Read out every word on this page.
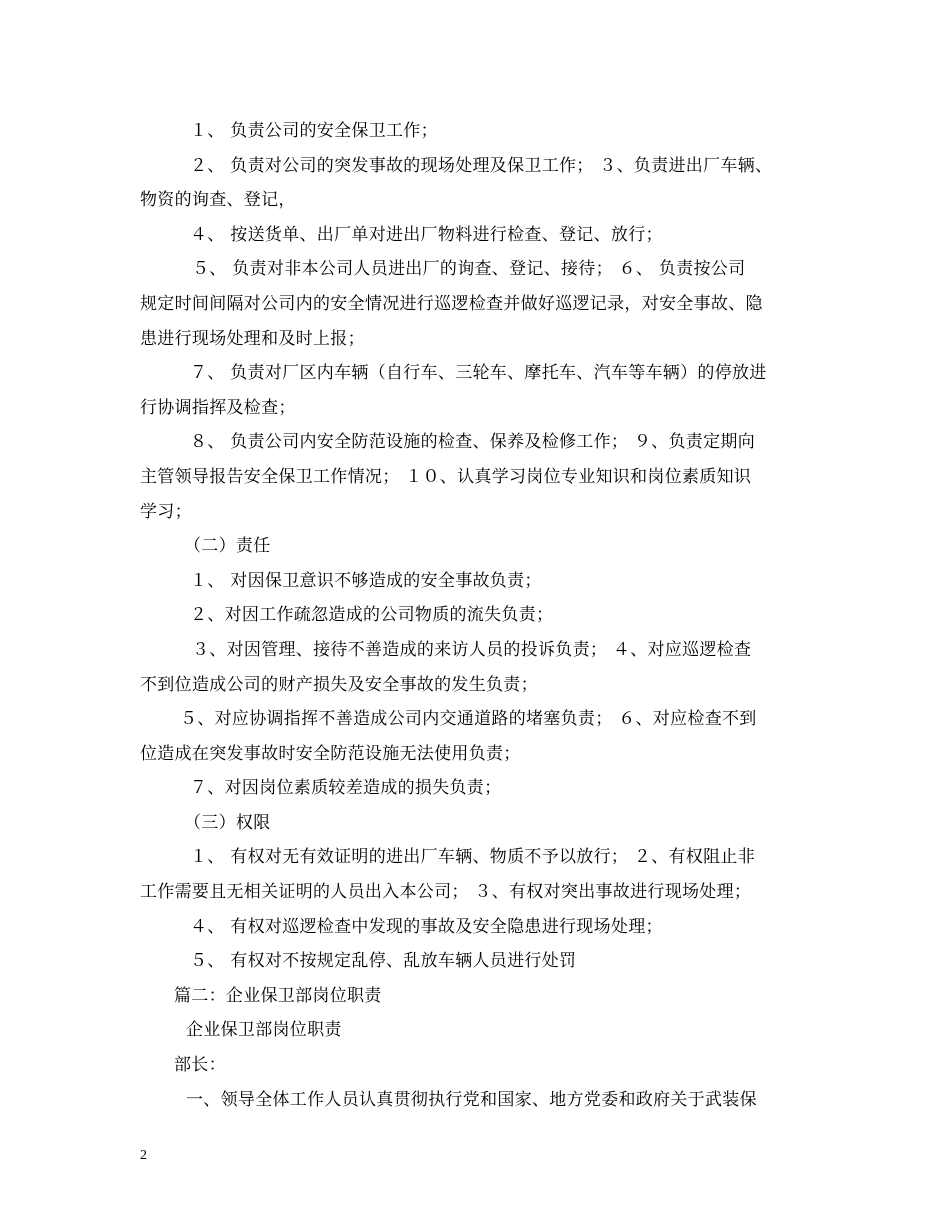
１、 负责公司的安全保卫工作；
２、 负责对公司的突发事故的现场处理及保卫工作； ３、负责进出厂车辆、
物资的询查、登记，
４、 按送货单、出厂单对进出厂物料进行检查、登记、放行；
５、 负责对非本公司人员进出厂的询查、登记、接待； ６、 负责按公司
规定时间间隔对公司内的安全情况进行巡逻检查并做好巡逻记录，对安全事故、隐
患进行现场处理和及时上报；
７、 负责对厂区内车辆（自行车、三轮车、摩托车、汽车等车辆）的停放进
行协调指挥及检查；
８、 负责公司内安全防范设施的检查、保养及检修工作； ９、负责定期向
主管领导报告安全保卫工作情况； １０、认真学习岗位专业知识和岗位素质知识
学习；
（二）责任
１、 对因保卫意识不够造成的安全事故负责；
２、对因工作疏忽造成的公司物质的流失负责；
３、对因管理、接待不善造成的来访人员的投诉负责； ４、对应巡逻检查
不到位造成公司的财产损失及安全事故的发生负责；
５、对应协调指挥不善造成公司内交通道路的堵塞负责； ６、对应检查不到
位造成在突发事故时安全防范设施无法使用负责；
７、对因岗位素质较差造成的损失负责；
（三）权限
１、 有权对无有效证明的进出厂车辆、物质不予以放行； ２、有权阻止非
工作需要且无相关证明的人员出入本公司； ３、有权对突出事故进行现场处理；
４、 有权对巡逻检查中发现的事故及安全隐患进行现场处理；
５、 有权对不按规定乱停、乱放车辆人员进行处罚
篇二：企业保卫部岗位职责
企业保卫部岗位职责
部长：
一、领导全体工作人员认真贯彻执行党和国家、地方党委和政府关于武装保
2
